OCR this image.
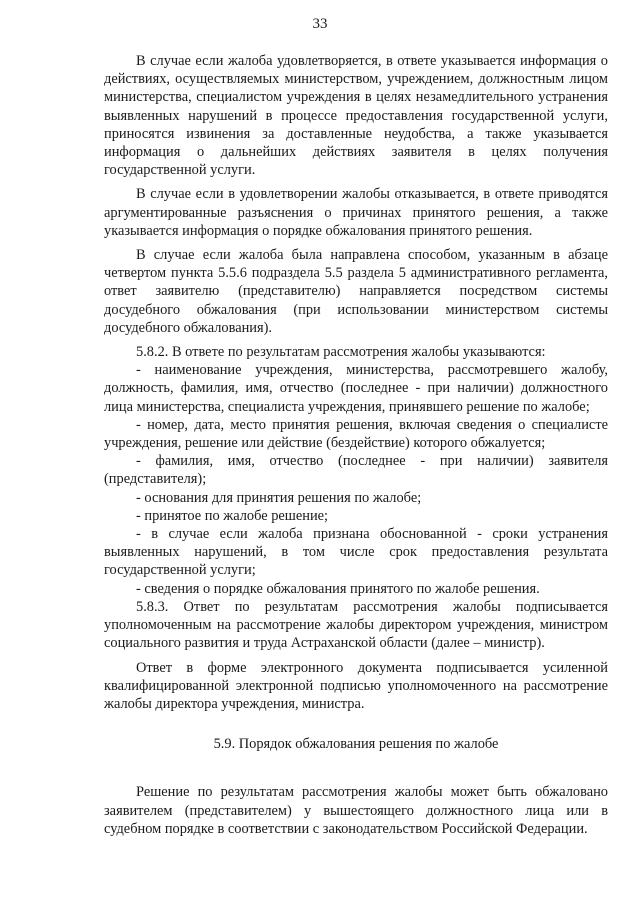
33

В случае если жалоба удовлетворяется, в ответе указывается информация о действиях, осуществляемых министерством, учреждением, должностным лицом министерства, специалистом учреждения в целях незамедлительного устранения выявленных нарушений в процессе предоставления государственной услуги, приносятся извинения за доставленные неудобства, а также указывается информация о дальнейших действиях заявителя в целях получения государственной услуги.

В случае если в удовлетворении жалобы отказывается, в ответе приводятся аргументированные разъяснения о причинах принятого решения, а также указывается информация о порядке обжалования принятого решения.

В случае если жалоба была направлена способом, указанным в абзаце четвертом пункта 5.5.6 подраздела 5.5 раздела 5 административного регламента, ответ заявителю (представителю) направляется посредством системы досудебного обжалования (при использовании министерством системы досудебного обжалования).

5.8.2. В ответе по результатам рассмотрения жалобы указываются:

- наименование учреждения, министерства, рассмотревшего жалобу, должность, фамилия, имя, отчество (последнее - при наличии) должностного лица министерства, специалиста учреждения, принявшего решение по жалобе;

- номер, дата, место принятия решения, включая сведения о специалисте учреждения, решение или действие (бездействие) которого обжалуется;

- фамилия, имя, отчество (последнее - при наличии) заявителя (представителя);

- основания для принятия решения по жалобе;

- принятое по жалобе решение;

- в случае если жалоба признана обоснованной - сроки устранения выявленных нарушений, в том числе срок предоставления результата государственной услуги;

- сведения о порядке обжалования принятого по жалобе решения.

5.8.3. Ответ по результатам рассмотрения жалобы подписывается уполномоченным на рассмотрение жалобы директором учреждения, министром социального развития и труда Астраханской области (далее – министр).

Ответ в форме электронного документа подписывается усиленной квалифицированной электронной подписью уполномоченного на рассмотрение жалобы директора учреждения, министра.

5.9. Порядок обжалования решения по жалобе

Решение по результатам рассмотрения жалобы может быть обжаловано заявителем (представителем) у вышестоящего должностного лица или в судебном порядке в соответствии с законодательством Российской Федерации.
